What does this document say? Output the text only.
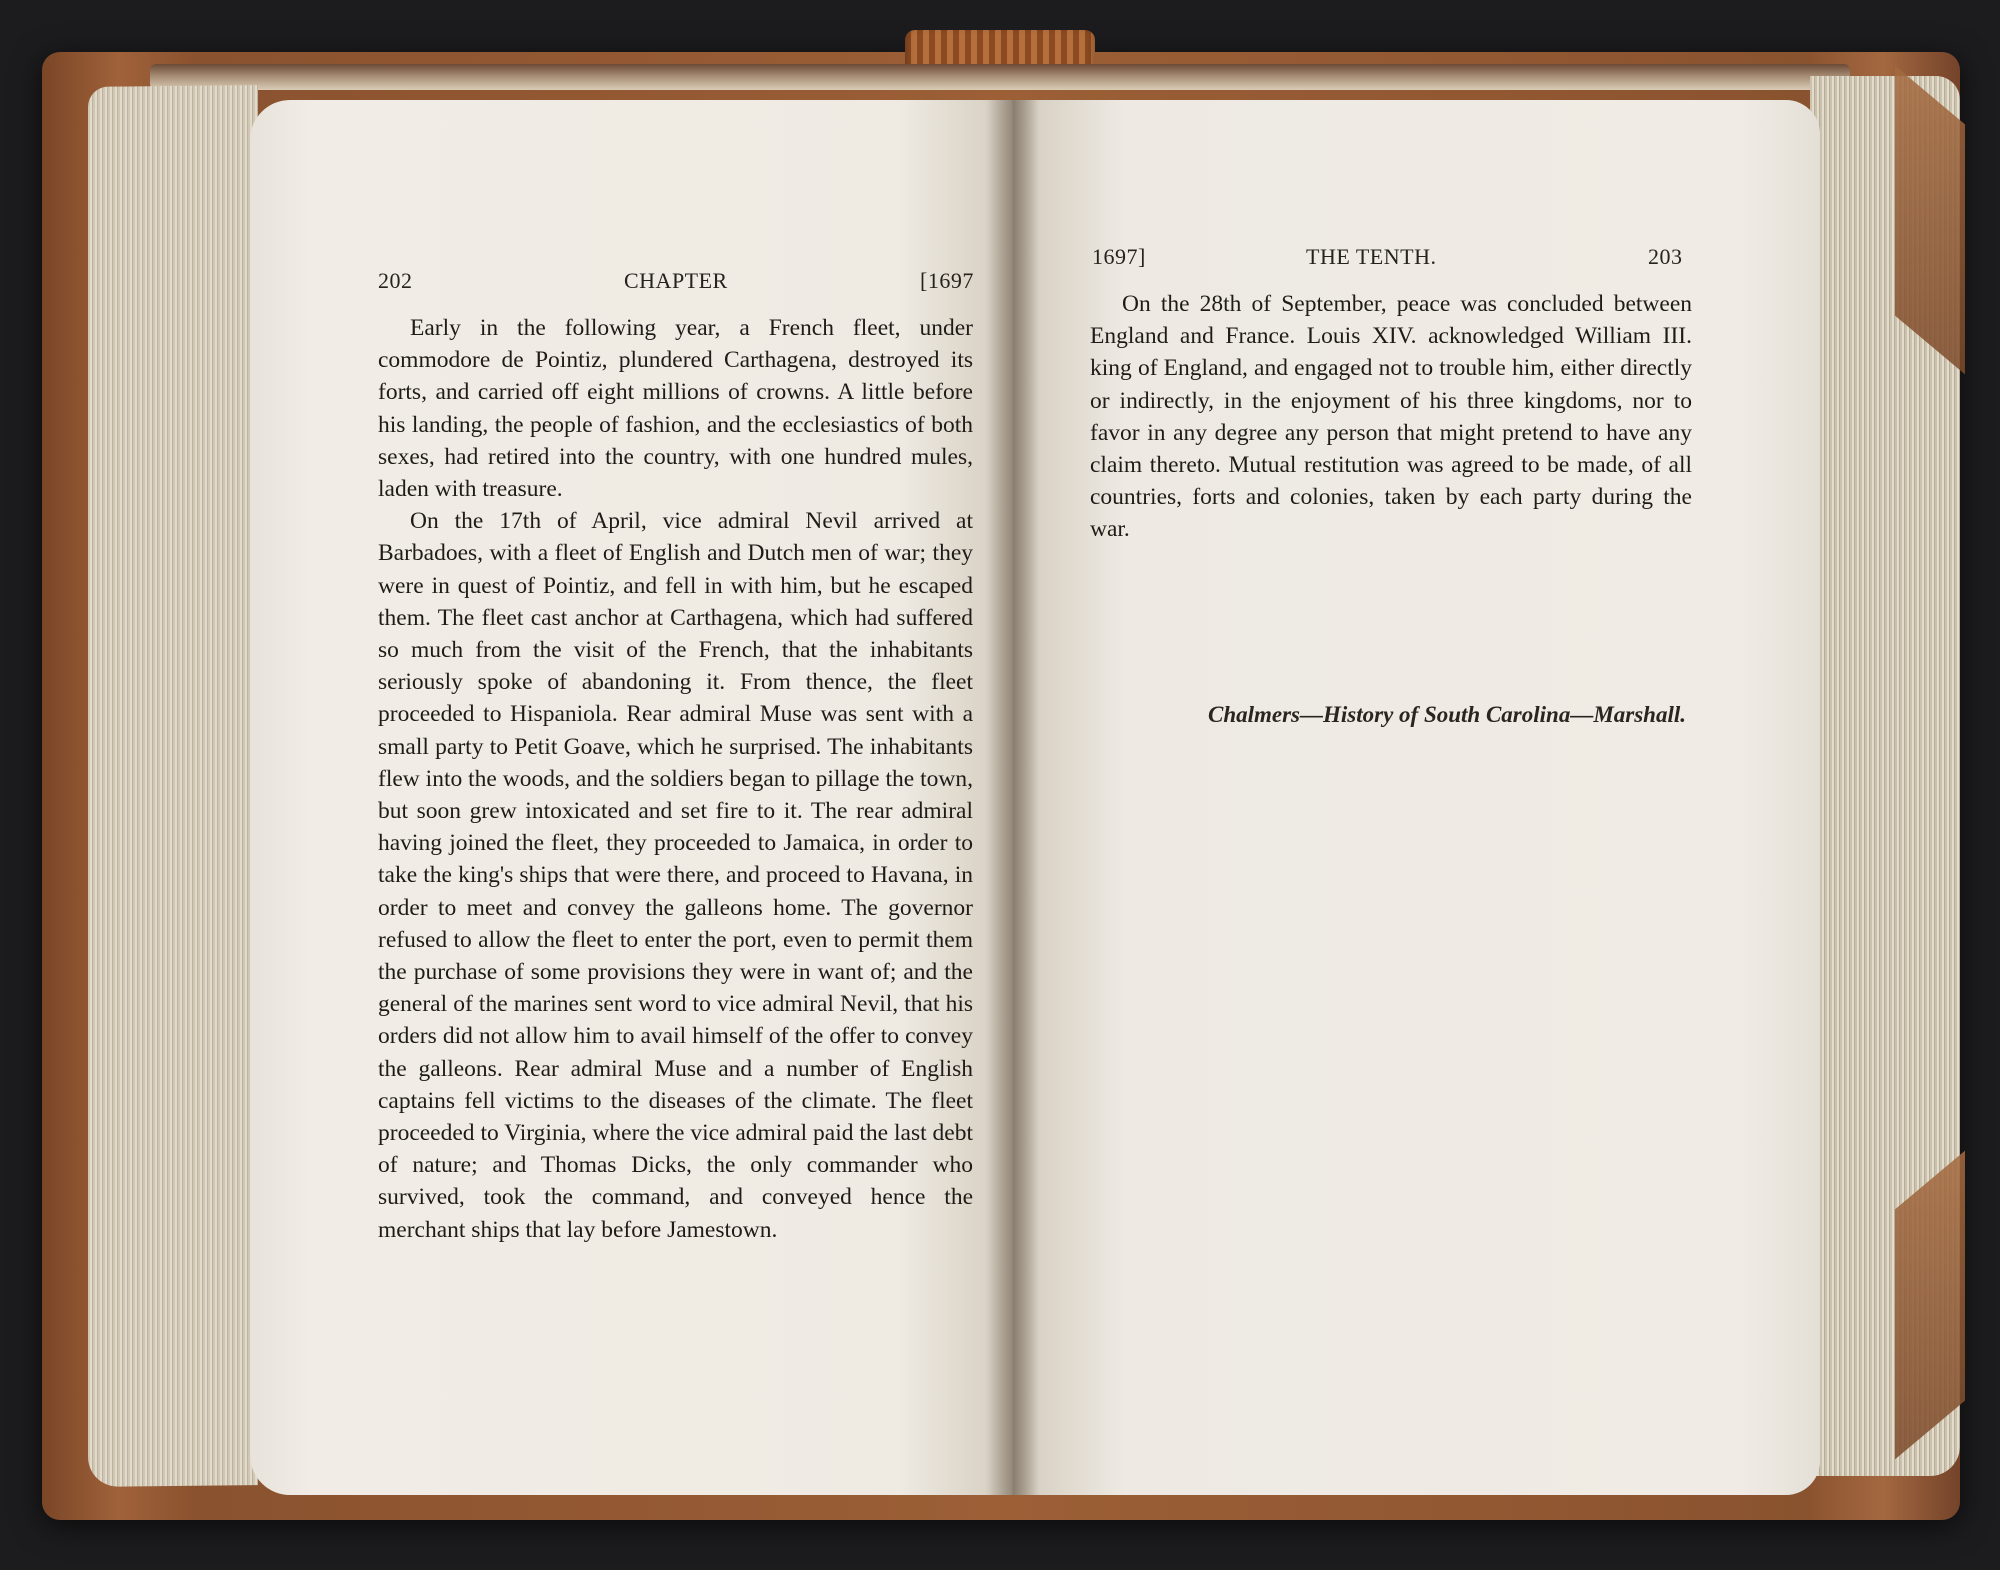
202	CHAPTER	[1697

Early in the following year, a French fleet, under commodore de Pointiz, plundered Carthagena, destroyed its forts, and carried off eight millions of crowns. A little before his landing, the people of fashion, and the ecclesiastics of both sexes, had retired into the country, with one hundred mules, laden with treasure.

On the 17th of April, vice admiral Nevil arrived at Barbadoes, with a fleet of English and Dutch men of war; they were in quest of Pointiz, and fell in with him, but he escaped them. The fleet cast anchor at Carthagena, which had suffered so much from the visit of the French, that the inhabitants seriously spoke of abandoning it. From thence, the fleet proceeded to Hispaniola. Rear admiral Muse was sent with a small party to Petit Goave, which he surprised. The inhabitants flew into the woods, and the soldiers began to pillage the town, but soon grew intoxicated and set fire to it. The rear admiral having joined the fleet, they proceeded to Jamaica, in order to take the king's ships that were there, and proceed to Havana, in order to meet and convey the galleons home. The governor refused to allow the fleet to enter the port, even to permit them the purchase of some provisions they were in want of; and the general of the marines sent word to vice admiral Nevil, that his orders did not allow him to avail himself of the offer to convey the galleons. Rear admiral Muse and a number of English captains fell victims to the diseases of the climate. The fleet proceeded to Virginia, where the vice admiral paid the last debt of nature; and Thomas Dicks, the only commander who survived, took the command, and conveyed hence the merchant ships that lay before Jamestown.

1697]	THE TENTH.	203

On the 28th of September, peace was concluded between England and France. Louis XIV. acknowledged William III. king of England, and engaged not to trouble him, either directly or indirectly, in the enjoyment of his three kingdoms, nor to favor in any degree any person that might pretend to have any claim thereto. Mutual restitution was agreed to be made, of all countries, forts and colonies, taken by each party during the war.

Chalmers—History of South Carolina—Marshall.
